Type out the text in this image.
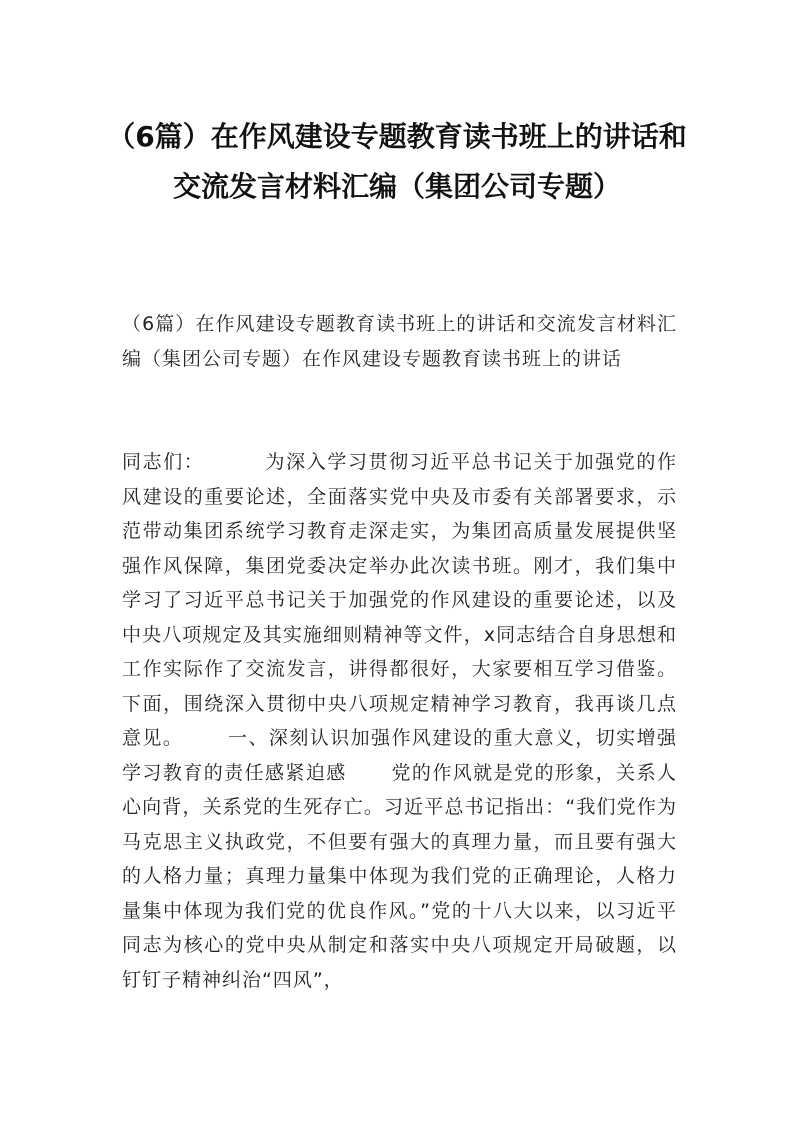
（6篇）在作风建设专题教育读书班上的讲话和交流发言材料汇编（集团公司专题）

（6篇）在作风建设专题教育读书班上的讲话和交流发言材料汇编（集团公司专题）在作风建设专题教育读书班上的讲话

同志们：        为深入学习贯彻习近平总书记关于加强党的作风建设的重要论述，全面落实党中央及市委有关部署要求，示范带动集团系统学习教育走深走实，为集团高质量发展提供坚强作风保障，集团党委决定举办此次读书班。刚才，我们集中学习了习近平总书记关于加强党的作风建设的重要论述，以及中央八项规定及其实施细则精神等文件，x同志结合自身思想和工作实际作了交流发言，讲得都很好，大家要相互学习借鉴。下面，围绕深入贯彻中央八项规定精神学习教育，我再谈几点意见。      一、深刻认识加强作风建设的重大意义，切实增强学习教育的责任感紧迫感      党的作风就是党的形象，关系人心向背，关系党的生死存亡。习近平总书记指出：“我们党作为马克思主义执政党，不但要有强大的真理力量，而且要有强大的人格力量；真理力量集中体现为我们党的正确理论，人格力量集中体现为我们党的优良作风。”党的十八大以来，以习近平同志为核心的党中央从制定和落实中央八项规定开局破题，以钉钉子精神纠治“四风”，
